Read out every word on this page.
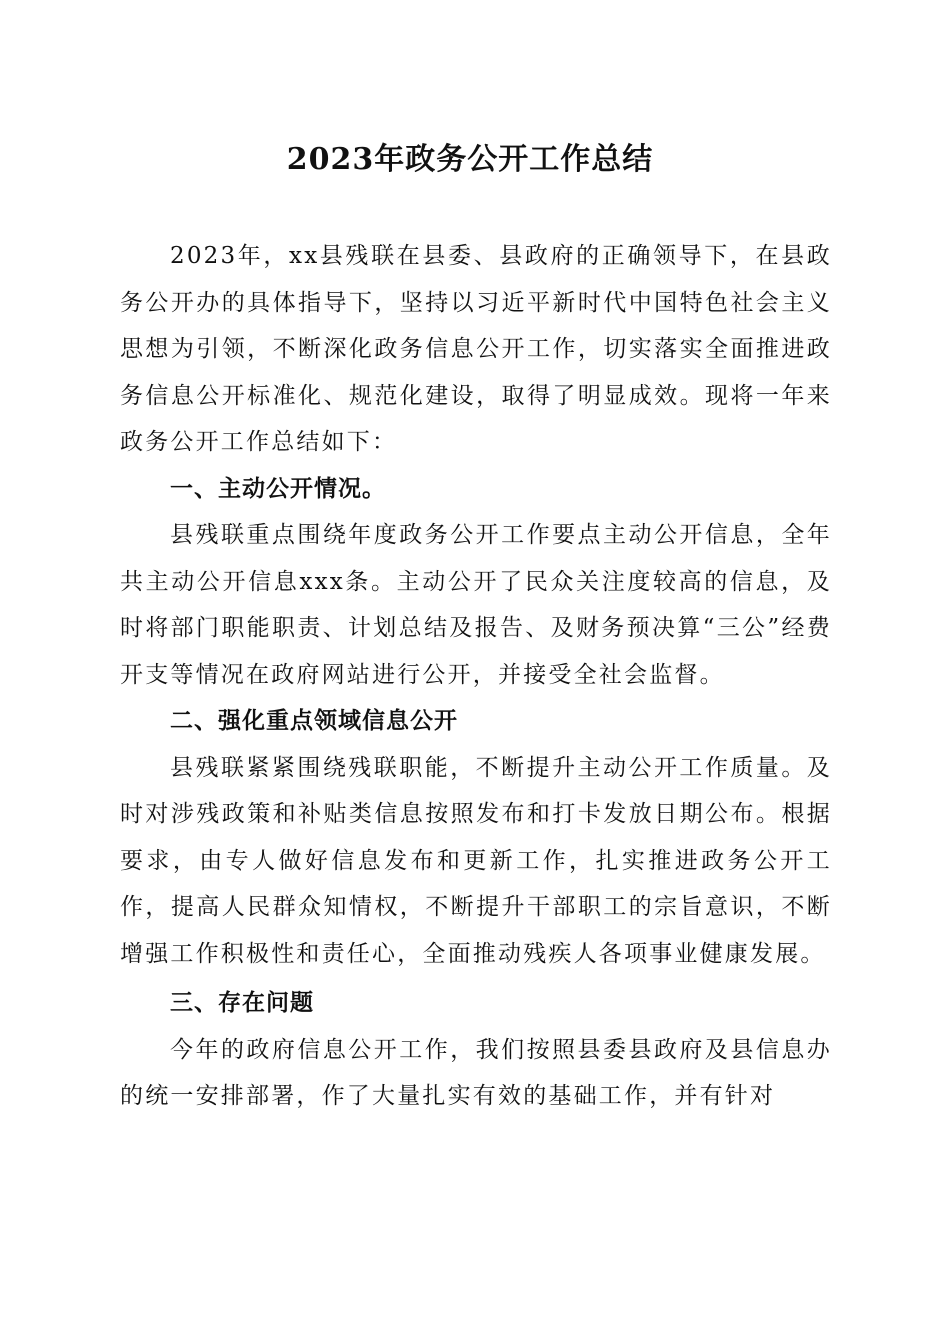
2023年政务公开工作总结

2023年，xx县残联在县委、县政府的正确领导下，在县政务公开办的具体指导下，坚持以习近平新时代中国特色社会主义思想为引领，不断深化政务信息公开工作，切实落实全面推进政务信息公开标准化、规范化建设，取得了明显成效。现将一年来政务公开工作总结如下：

一、主动公开情况。

县残联重点围绕年度政务公开工作要点主动公开信息，全年共主动公开信息xxx条。主动公开了民众关注度较高的信息，及时将部门职能职责、计划总结及报告、及财务预决算“三公”经费开支等情况在政府网站进行公开，并接受全社会监督。

二、强化重点领域信息公开

县残联紧紧围绕残联职能，不断提升主动公开工作质量。及时对涉残政策和补贴类信息按照发布和打卡发放日期公布。根据要求，由专人做好信息发布和更新工作，扎实推进政务公开工作，提高人民群众知情权，不断提升干部职工的宗旨意识，不断增强工作积极性和责任心，全面推动残疾人各项事业健康发展。

三、存在问题

今年的政府信息公开工作，我们按照县委县政府及县信息办的统一安排部署，作了大量扎实有效的基础工作，并有针对
